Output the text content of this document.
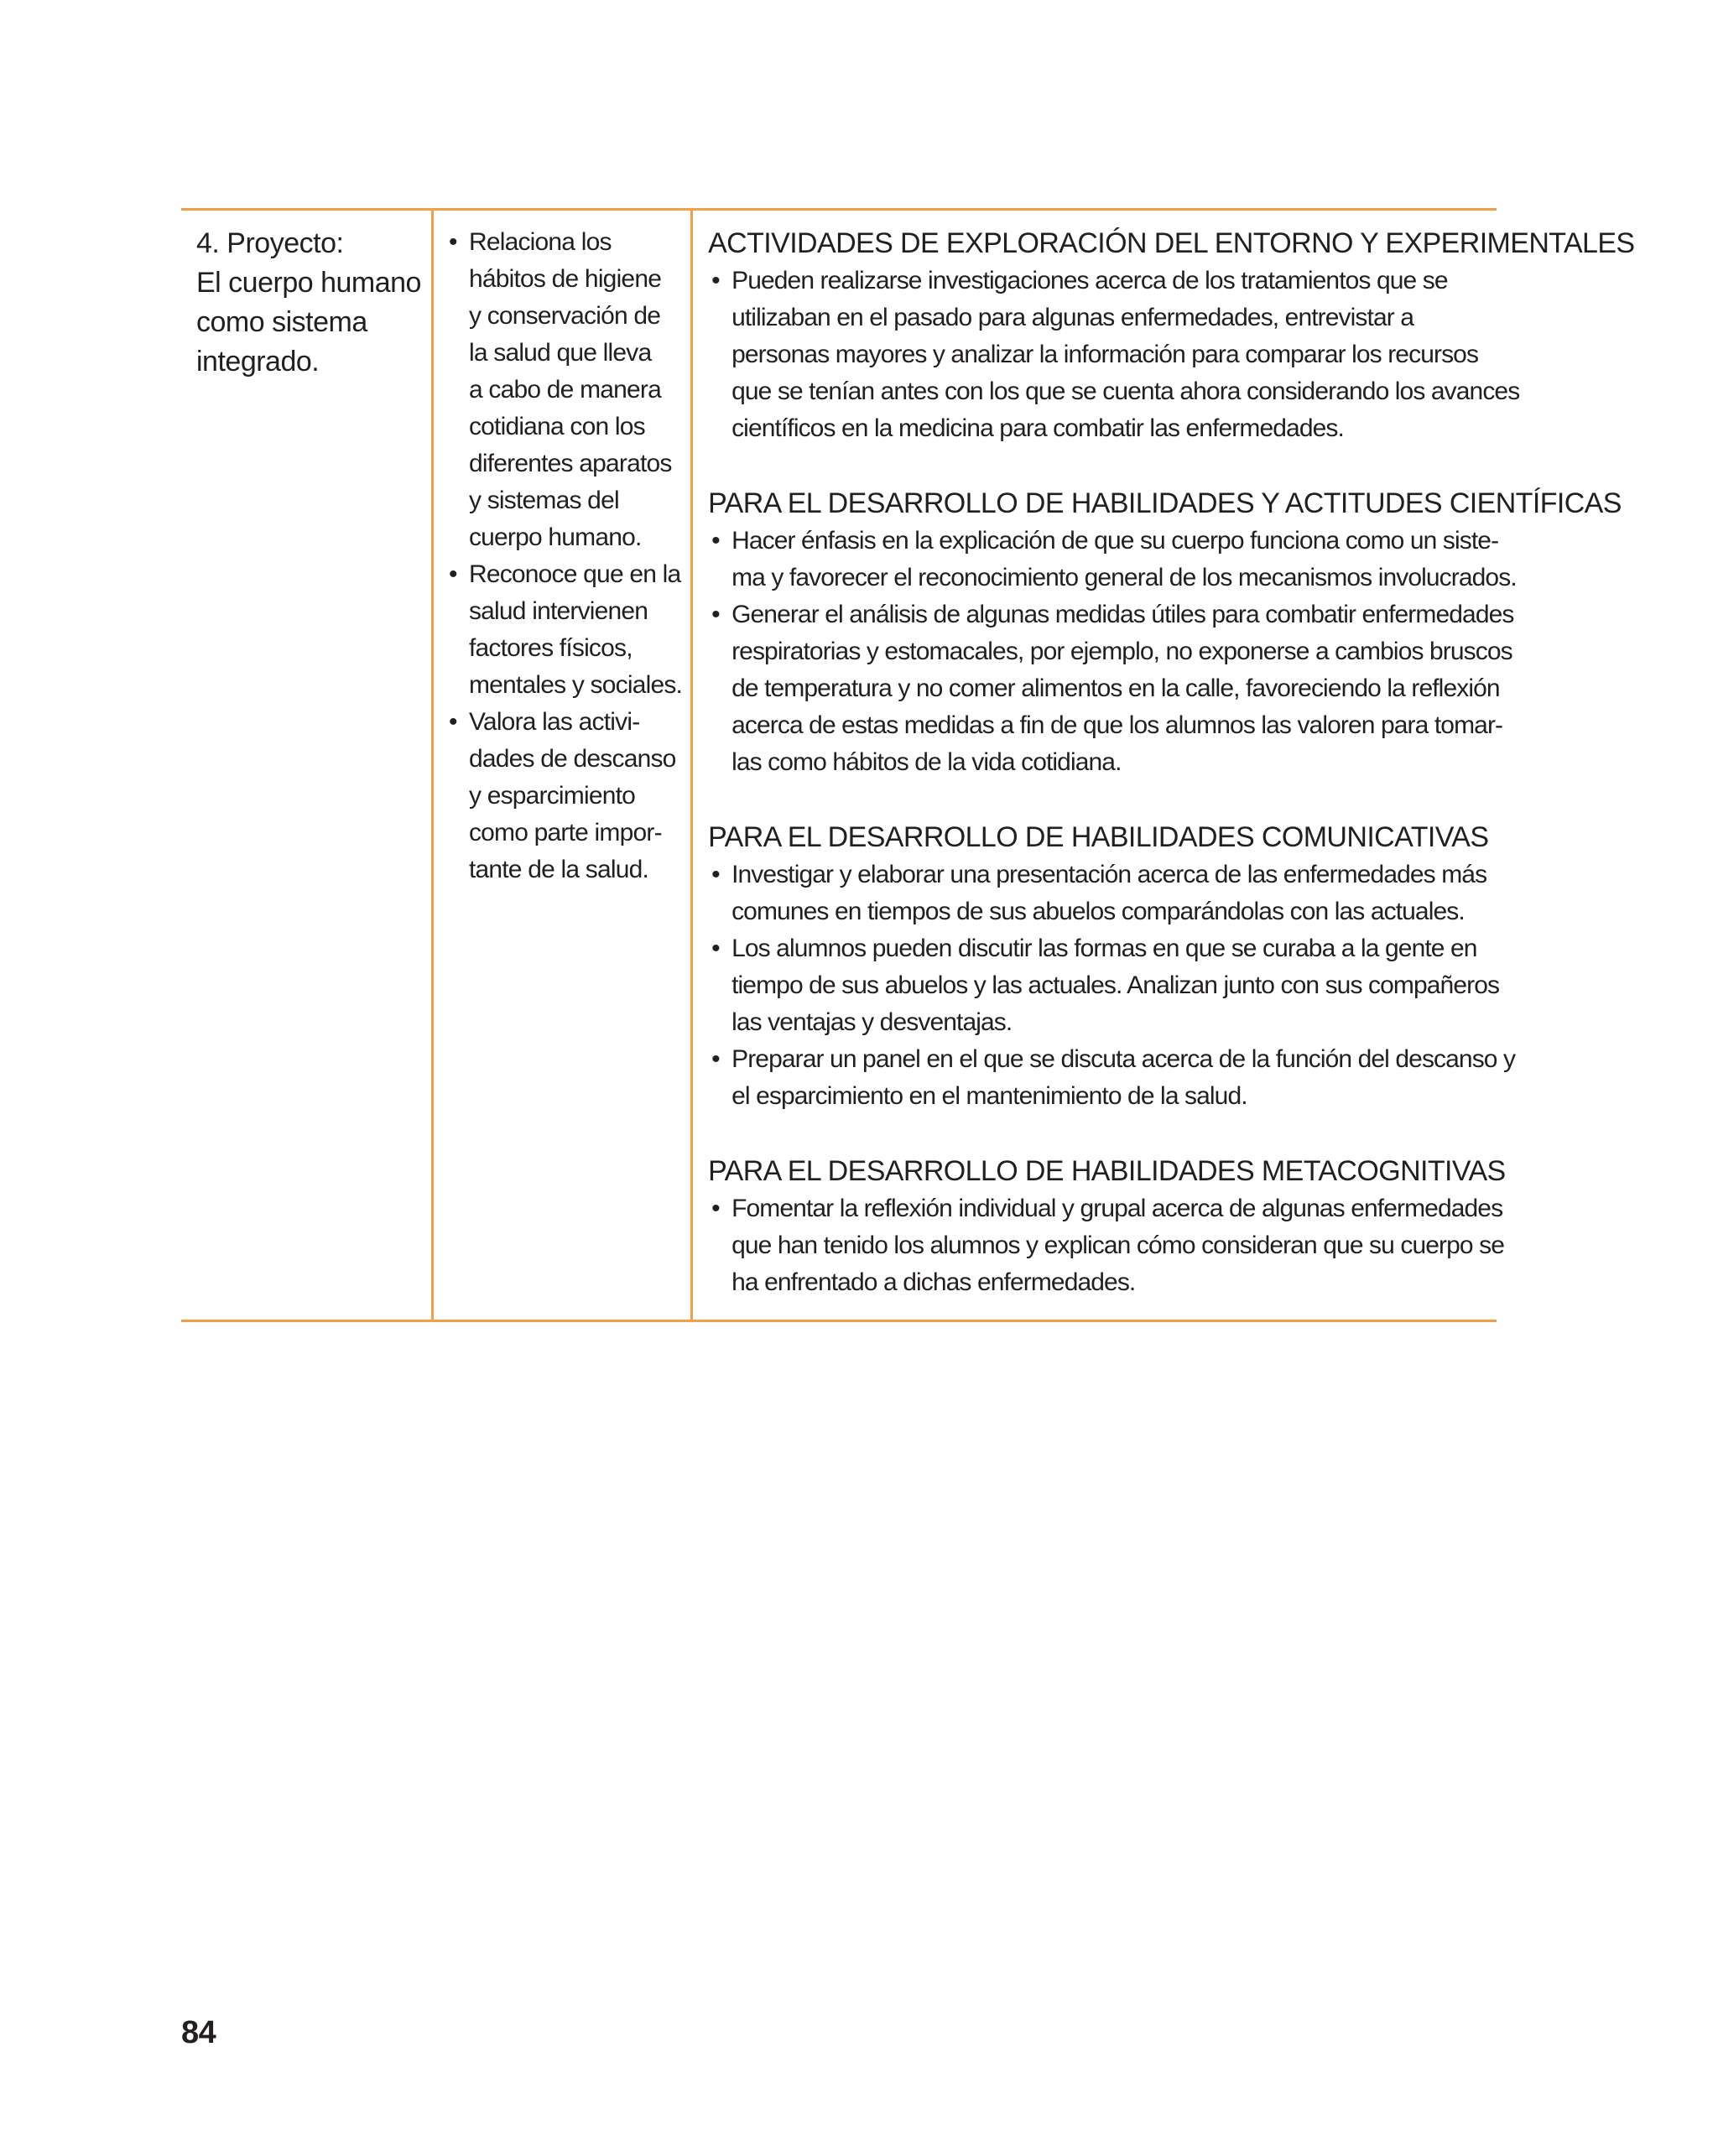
4. Proyecto:
El cuerpo humano
como sistema
integrado.
• Relaciona los
hábitos de higiene
y conservación de
la salud que lleva
a cabo de manera
cotidiana con los
diferentes aparatos
y sistemas del
cuerpo humano.
• Reconoce que en la
salud intervienen
factores físicos,
mentales y sociales.
• Valora las activi-
dades de descanso
y esparcimiento
como parte impor-
tante de la salud.
ACTIVIDADES DE EXPLORACIÓN DEL ENTORNO Y EXPERIMENTALES
• Pueden realizarse investigaciones acerca de los tratamientos que se
utilizaban en el pasado para algunas enfermedades, entrevistar a
personas mayores y analizar la información para comparar los recursos
que se tenían antes con los que se cuenta ahora considerando los avances
científicos en la medicina para combatir las enfermedades.
PARA EL DESARROLLO DE HABILIDADES Y ACTITUDES CIENTÍFICAS
• Hacer énfasis en la explicación de que su cuerpo funciona como un siste-
ma y favorecer el reconocimiento general de los mecanismos involucrados.
• Generar el análisis de algunas medidas útiles para combatir enfermedades
respiratorias y estomacales, por ejemplo, no exponerse a cambios bruscos
de temperatura y no comer alimentos en la calle, favoreciendo la reflexión
acerca de estas medidas a fin de que los alumnos las valoren para tomar-
las como hábitos de la vida cotidiana.
PARA EL DESARROLLO DE HABILIDADES COMUNICATIVAS
• Investigar y elaborar una presentación acerca de las enfermedades más
comunes en tiempos de sus abuelos comparándolas con las actuales.
• Los alumnos pueden discutir las formas en que se curaba a la gente en
tiempo de sus abuelos y las actuales. Analizan junto con sus compañeros
las ventajas y desventajas.
• Preparar un panel en el que se discuta acerca de la función del descanso y
el esparcimiento en el mantenimiento de la salud.
PARA EL DESARROLLO DE HABILIDADES METACOGNITIVAS
• Fomentar la reflexión individual y grupal acerca de algunas enfermedades
que han tenido los alumnos y explican cómo consideran que su cuerpo se
ha enfrentado a dichas enfermedades.
84
